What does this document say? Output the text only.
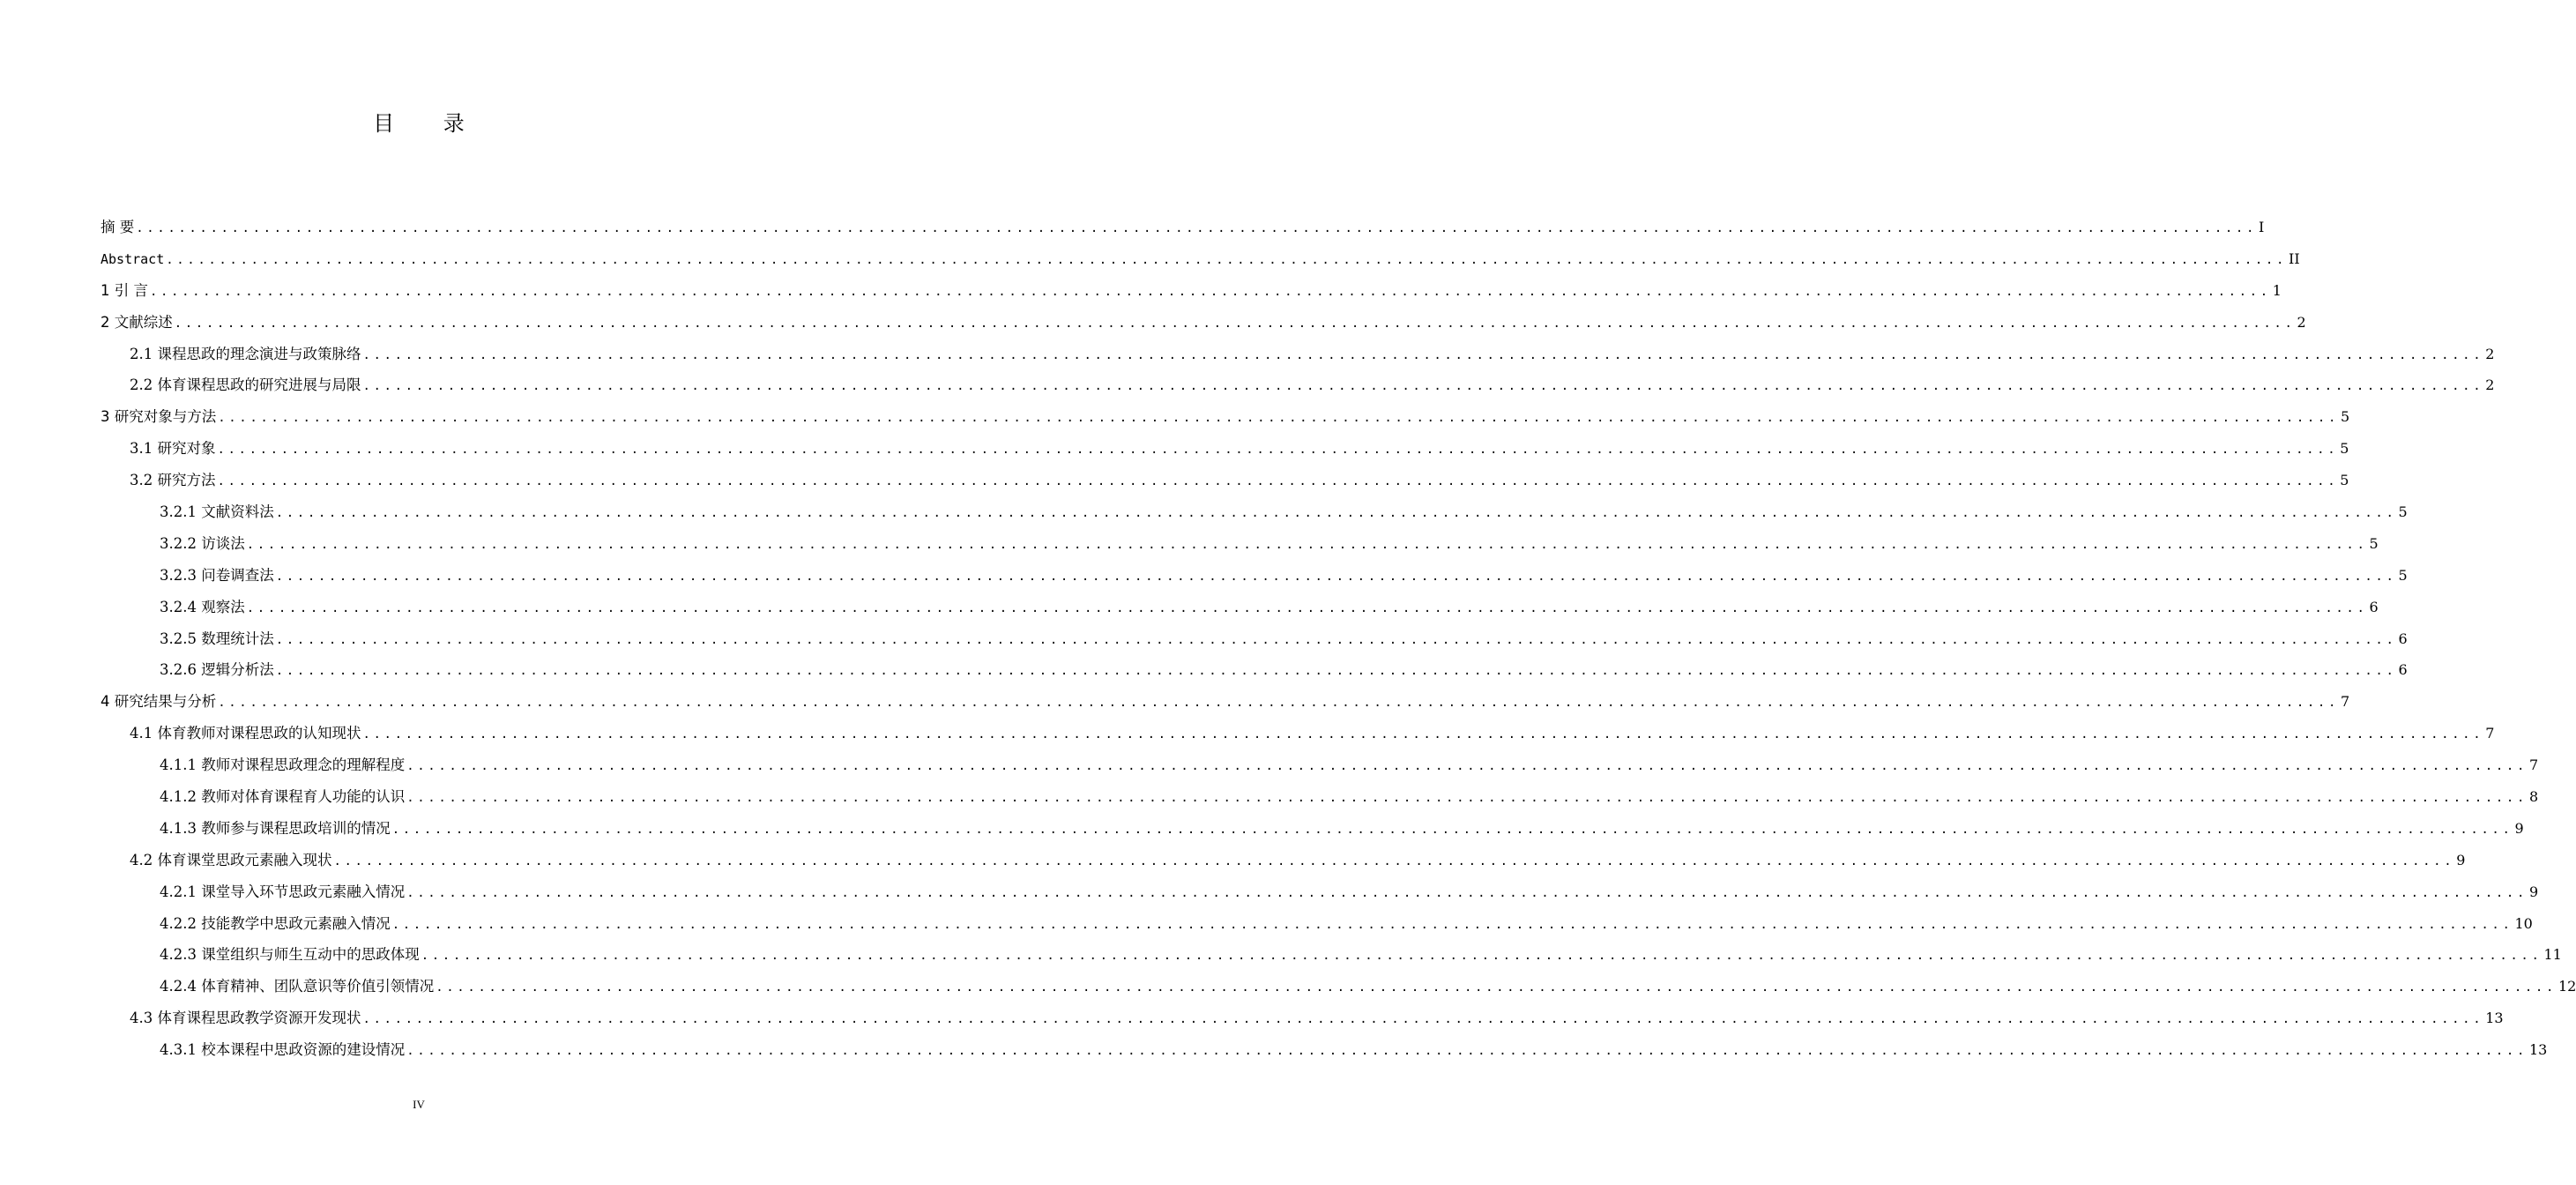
目 录
摘 要 ........................................................................................................................................................................................................ I
Abstract ........................................................................................................................................................................................................ II
1 引 言 ........................................................................................................................................................................................................ 1
2 文献综述 ........................................................................................................................................................................................................ 2
2.1 课程思政的理念演进与政策脉络 ........................................................................................................................................................................................................ 2
2.2 体育课程思政的研究进展与局限 ........................................................................................................................................................................................................ 2
3 研究对象与方法 ........................................................................................................................................................................................................ 5
3.1 研究对象 ........................................................................................................................................................................................................ 5
3.2 研究方法 ........................................................................................................................................................................................................ 5
3.2.1 文献资料法 ........................................................................................................................................................................................................ 5
3.2.2 访谈法 ........................................................................................................................................................................................................ 5
3.2.3 问卷调查法 ........................................................................................................................................................................................................ 5
3.2.4 观察法 ........................................................................................................................................................................................................ 6
3.2.5 数理统计法 ........................................................................................................................................................................................................ 6
3.2.6 逻辑分析法 ........................................................................................................................................................................................................ 6
4 研究结果与分析 ........................................................................................................................................................................................................ 7
4.1 体育教师对课程思政的认知现状 ........................................................................................................................................................................................................ 7
4.1.1 教师对课程思政理念的理解程度 ........................................................................................................................................................................................................ 7
4.1.2 教师对体育课程育人功能的认识 ........................................................................................................................................................................................................ 8
4.1.3 教师参与课程思政培训的情况 ........................................................................................................................................................................................................ 9
4.2 体育课堂思政元素融入现状 ........................................................................................................................................................................................................ 9
4.2.1 课堂导入环节思政元素融入情况 ........................................................................................................................................................................................................ 9
4.2.2 技能教学中思政元素融入情况 ........................................................................................................................................................................................................ 10
4.2.3 课堂组织与师生互动中的思政体现 ........................................................................................................................................................................................................ 11
4.2.4 体育精神、团队意识等价值引领情况 ........................................................................................................................................................................................................ 12
4.3 体育课程思政教学资源开发现状 ........................................................................................................................................................................................................ 13
4.3.1 校本课程中思政资源的建设情况 ........................................................................................................................................................................................................ 13
IV
